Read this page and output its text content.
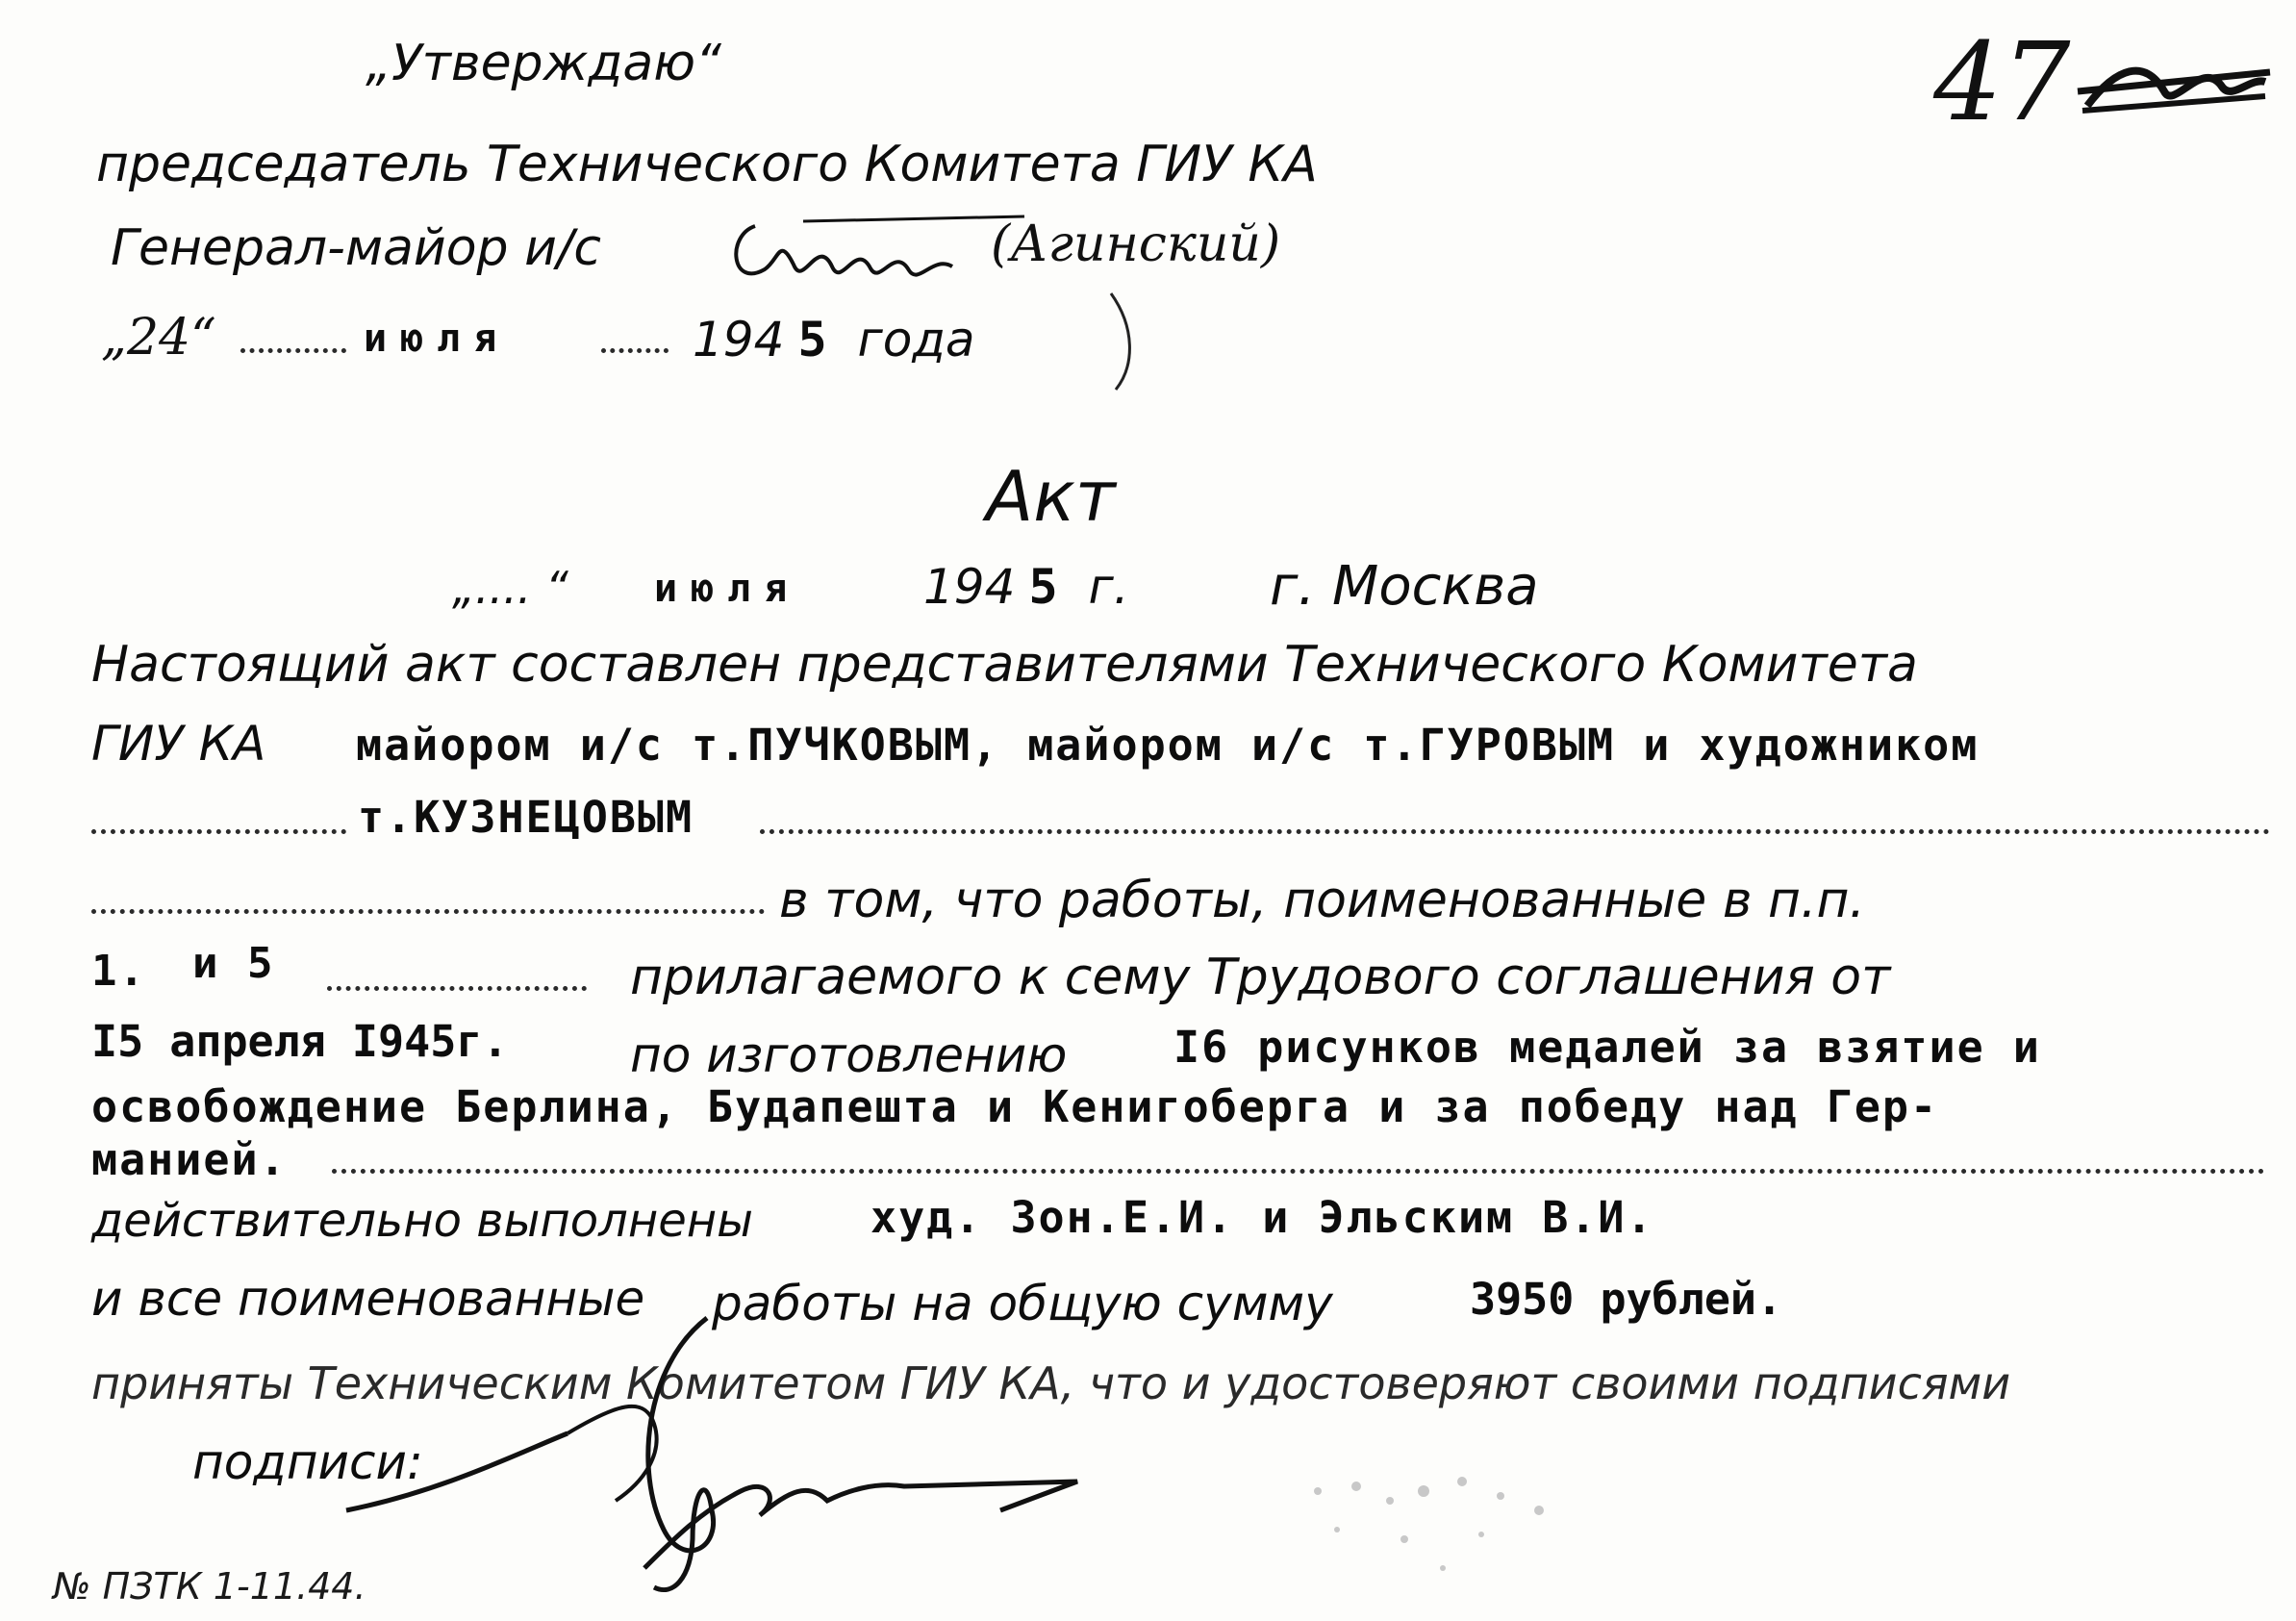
„Утверждаю“
председатель Технического Комитета ГИУ КА
Генерал-майор и/с	(Агинский)
„24“	июля	194 5 года
47
Акт
„.... “ июля	194 5 г.	г. Москва
Настоящий акт составлен представителями Технического Комитета
ГИУ КА майором и/с т.ПУЧКОВЫМ, майором и/с т.ГУРОВЫМ и художником
т.КУЗНЕЦОВЫМ
в том, что работы, поименованные в п.п.
1. и 5	прилагаемого к сему Трудового соглашения от
I5 апреля I945г.	по изготовлению I6 рисунков медалей за взятие и
освобождение Берлина, Будапешта и Кенигоберга и за победу над Гер-
манией.
действительно выполнены	худ. Зон.Е.И. и Эльским В.И.
и все поименованные работы на общую сумму	3950 рублей.
приняты Техническим Комитетом ГИУ КА, что и удостоверяют своими подписями
подписи:
№ ПЗТК 1-11.44.
